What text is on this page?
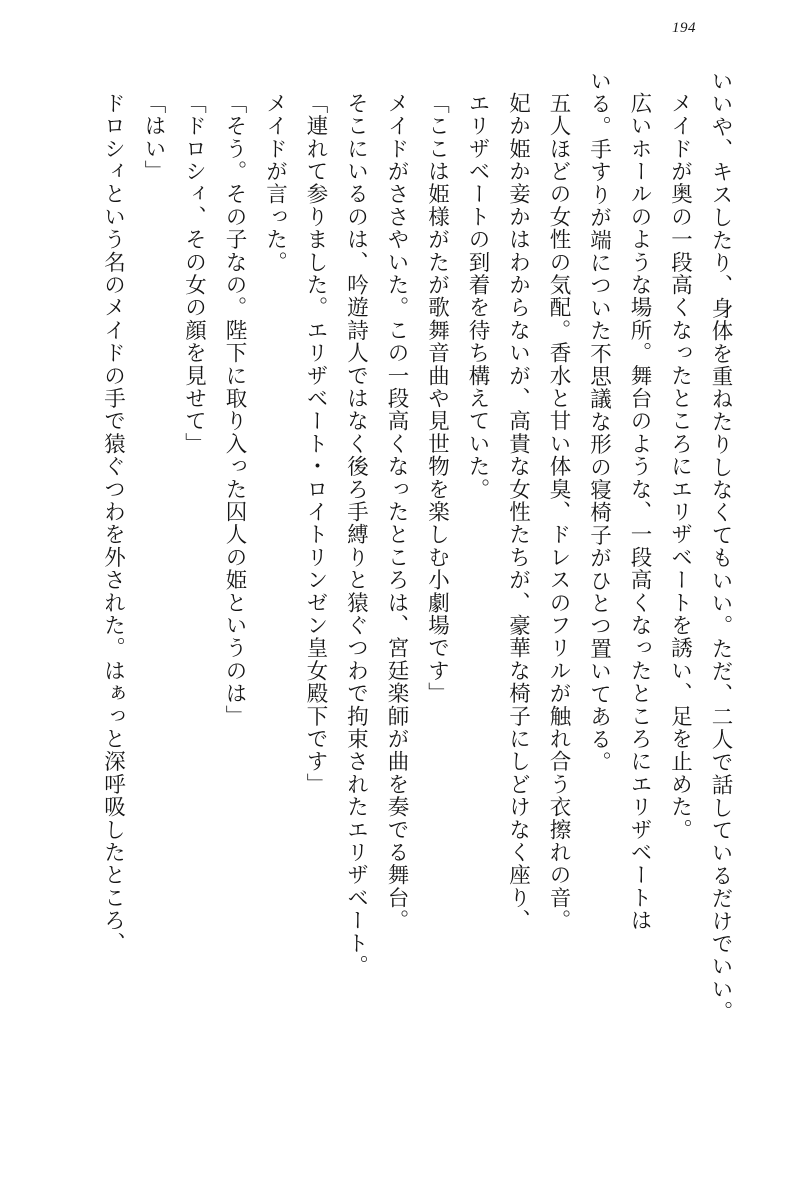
194

いいや、キスしたり、身体を重ねたりしなくてもいい。ただ、二人で話しているだけでいい。

メイドが奥の一段高くなったところにエリザベートを誘い、足を止めた。

広いホールのような場所。舞台のような、一段高くなったところにエリザベートは

いる。手すりが端についた不思議な形の寝椅子がひとつ置いてある。

五人ほどの女性の気配。香水と甘い体臭、ドレスのフリルが触れ合う衣擦れの音。

妃か姫か妾かはわからないが、高貴な女性たちが、豪華な椅子にしどけなく座り、

エリザベートの到着を待ち構えていた。

「ここは姫様がたが歌舞音曲や見世物を楽しむ小劇場です」

メイドがささやいた。この一段高くなったところは、宮廷楽師が曲を奏でる舞台。

そこにいるのは、吟遊詩人ではなく後ろ手縛りと猿ぐつわで拘束されたエリザベート。

「連れて参りました。エリザベート・ロイトリンゼン皇女殿下です」

メイドが言った。

「そう。その子なの。陛下に取り入った囚人の姫というのは」

「ドロシィ、その女の顔を見せて」

「はい」

ドロシィという名のメイドの手で猿ぐつわを外された。はぁっと深呼吸したところ、
